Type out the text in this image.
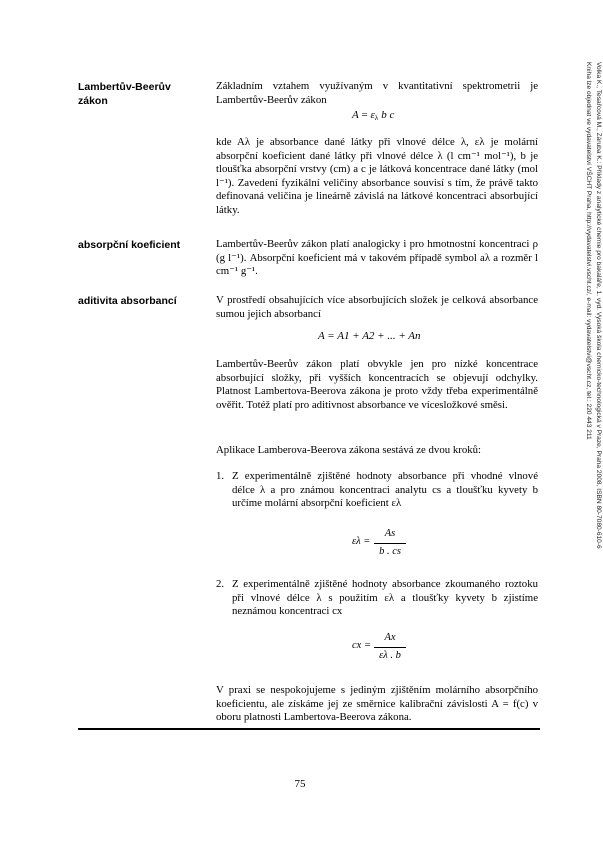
Lambertův-Beerův zákon

Základním vztahem využívaným v kvantitativní spektrometrii je Lambertův-Beerův zákon

$A = \varepsilon_\lambda$ b c

kde Aλ je absorbance dané látky při vlnové délce λ, ελ je molární absorpční koeficient dané látky při vlnové délce λ (l cm⁻¹ mol⁻¹), b je tloušťka absorpční vrstvy (cm) a c je látková koncentrace dané látky (mol l⁻¹). Zavedení fyzikální veličiny absorbance souvisí s tím, že právě takto definovaná veličina je lineárně závislá na látkové koncentraci absorbující látky.

absorpční koeficient	Lambertův-Beerův zákon platí analogicky i pro hmotnostní koncentraci ρ (g l⁻¹). Absorpční koeficient má v takovém případě symbol aλ a rozměr l cm⁻¹ g⁻¹.

aditivita absorbancí	V prostředí obsahujících více absorbujících složek je celková absorbance sumou jejich absorbancí

A = A1 + A2 + ... + An

Lambertův-Beerův zákon platí obvykle jen pro nízké koncentrace absorbující složky, při vyšších koncentracích se objevují odchylky. Platnost Lambertova-Beerova zákona je proto vždy třeba experimentálně ověřit. Totéž platí pro aditivnost absorbance ve vícesložkové směsi.

Aplikace Lamberova-Beerova zákona sestává ze dvou kroků:

1. Z experimentálně zjištěné hodnoty absorbance při vhodné vlnové délce λ a pro známou koncentraci analytu cs a tloušťku kyvety b určíme molární absorpční koeficient ελ
ελ =
As
b . cs
2. Z experimentálně zjištěné hodnoty absorbance zkoumaného roztoku při vlnové délce λ s použitím ελ a tloušťky kyvety b zjistíme neznámou koncentraci cx
cx =
Ax
ελ . b

V praxi se nespokojujeme s jediným zjištěním molárního absorpčního koeficientu, ale získáme jej ze směrnice kalibrační závislosti A = f(c) v oboru platnosti Lambertova-Beerova zákona.

75
Volka K., Tesařcová M., Záruba K.: Příklady z analytické chemie pro bakaláře, 1. vyd. Vysoká škola chemicko-technologická v Praze, Praha 2008, ISBN 80-7080-610-6
Kniha lze objednat ve vydavatelství VŠCHT Praha, http://vydavatelstvi.vscht.cz/, e-mail: vydavatelstvi@vscht.cz, tel.: 220 443 211
